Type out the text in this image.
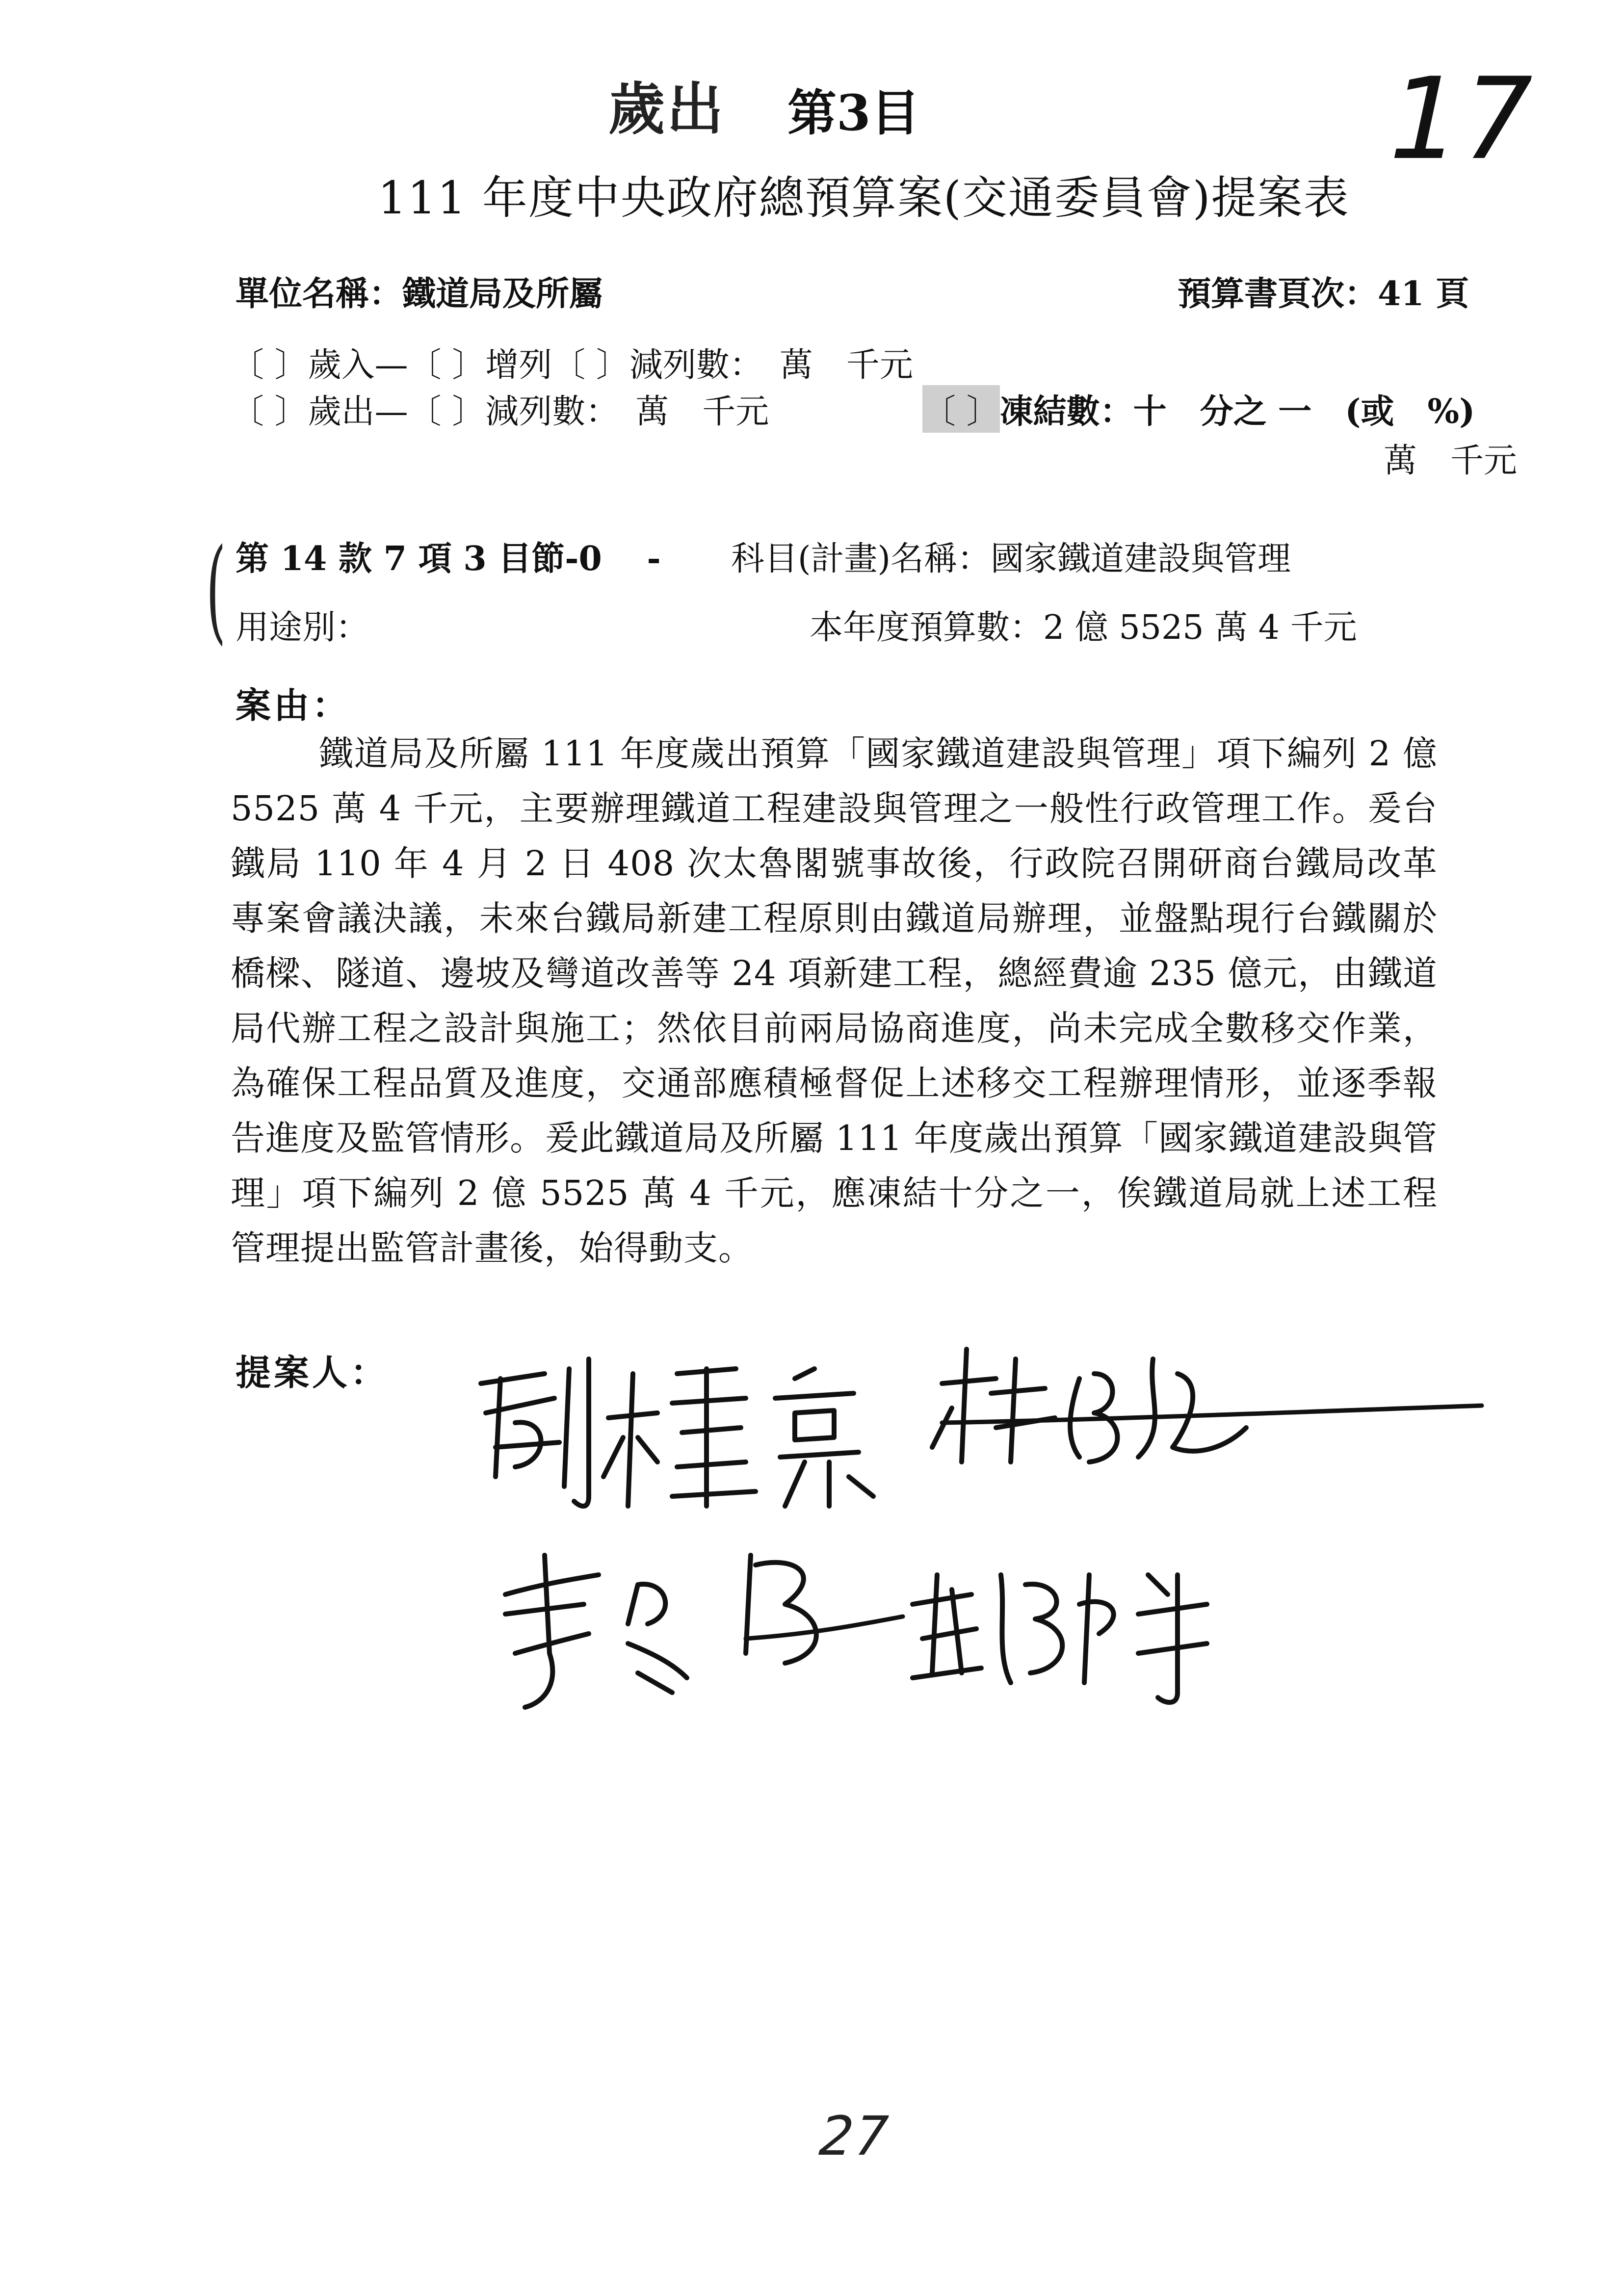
歲出 第3目	17
111 年度中央政府總預算案(交通委員會)提案表
單位名稱：鐵道局及所屬	預算書頁次：41 頁
〔 〕歲入—〔 〕增列〔 〕減列數：　萬　千元
〔 〕歲出—〔 〕減列數：　萬　千元	〔 〕凍結數：十　分之 一　(或　%)
萬　千元
( 第 14 款 7 項 3 目節-0　 - 科目(計畫)名稱：國家鐵道建設與管理
用途別：	本年度預算數：2 億 5525 萬 4 千元
案由：
鐵道局及所屬 111 年度歲出預算「國家鐵道建設與管理」項下編列 2 億 5525 萬 4 千元，主要辦理鐵道工程建設與管理之一般性行政管理工作。爰台鐵局 110 年 4 月 2 日 408 次太魯閣號事故後，行政院召開研商台鐵局改革專案會議決議，未來台鐵局新建工程原則由鐵道局辦理，並盤點現行台鐵關於橋樑、隧道、邊坡及彎道改善等 24 項新建工程，總經費逾 235 億元，由鐵道局代辦工程之設計與施工；然依目前兩局協商進度，尚未完成全數移交作業，為確保工程品質及進度，交通部應積極督促上述移交工程辦理情形，並逐季報告進度及監管情形。爰此鐵道局及所屬 111 年度歲出預算「國家鐵道建設與管理」項下編列 2 億 5525 萬 4 千元，應凍結十分之一，俟鐵道局就上述工程管理提出監管計畫後，始得動支。
提案人：
27
